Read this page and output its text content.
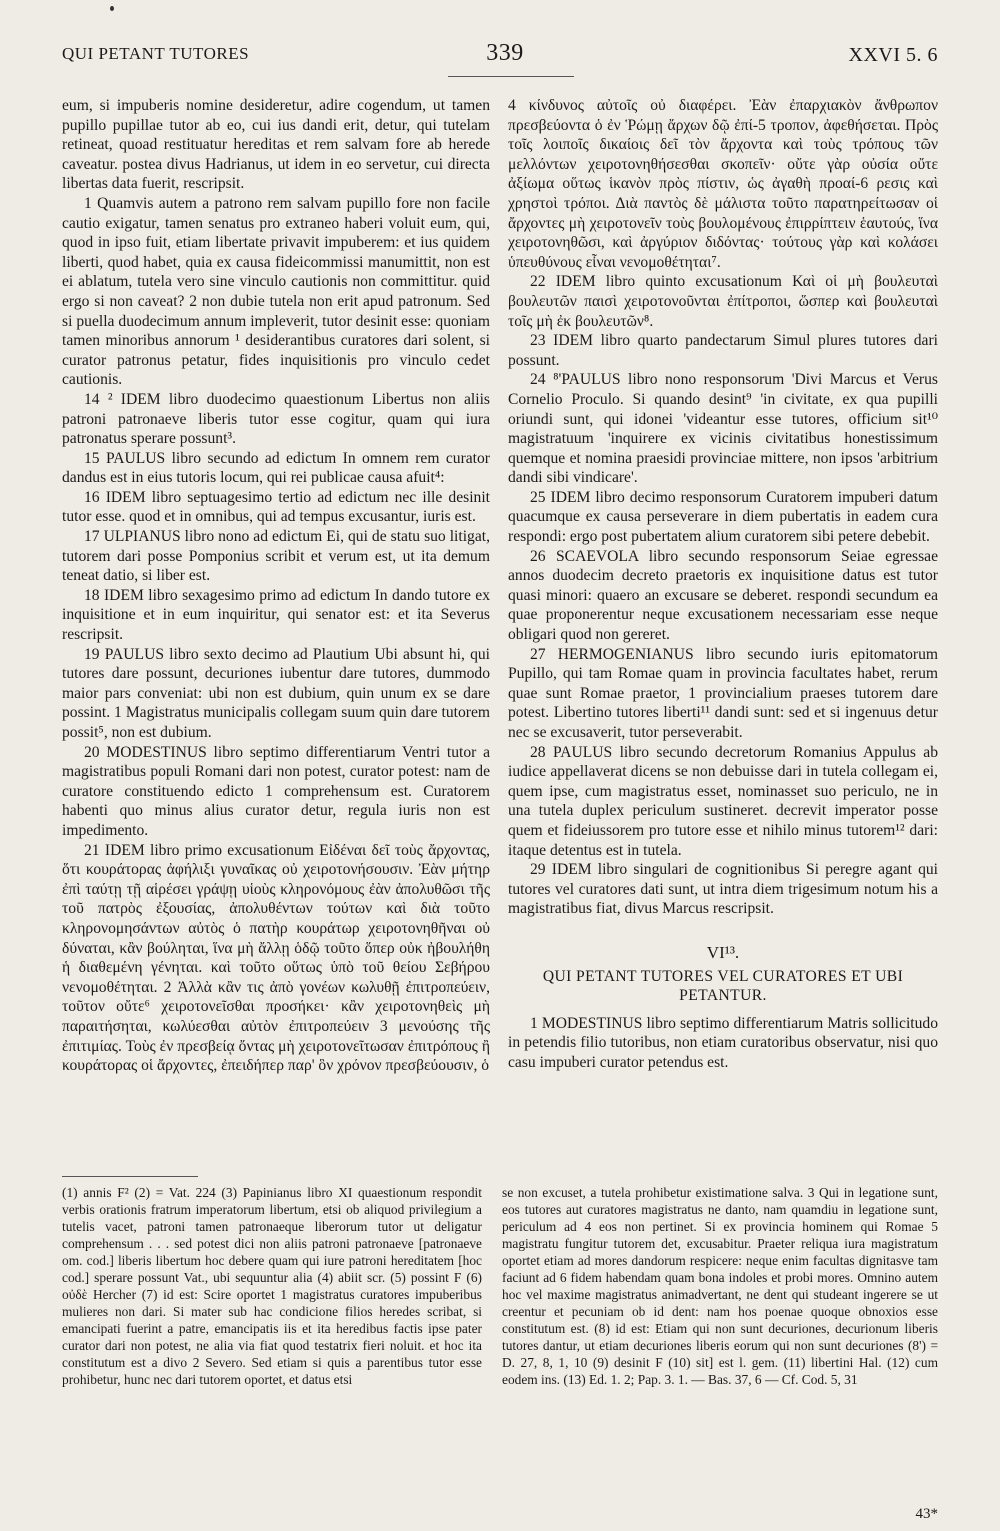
QUI PETANT TUTORES	339	XXVI 5. 6

eum, si impuberis nomine desideretur, adire cogendum, ut tamen pupillo pupillae tutor ab eo, cui ius dandi erit, detur, qui tutelam retineat, quoad restituatur hereditas et rem salvam fore ab herede caveatur. postea divus Hadrianus, ut idem in eo servetur, cui directa libertas data fuerit, rescripsit.

1 Quamvis autem a patrono rem salvam pupillo fore non facile cautio exigatur, tamen senatus pro extraneo haberi voluit eum, qui, quod in ipso fuit, etiam libertate privavit impuberem: et ius quidem liberti, quod habet, quia ex causa fideicommissi manumittit, non est ei ablatum, tutela vero sine vinculo cautionis non committitur. quid ergo si non caveat? 2 non dubie tutela non erit apud patronum. Sed si puella duodecimum annum impleverit, tutor desinit esse: quoniam tamen minoribus annorum ¹ desiderantibus curatores dari solent, si curator patronus petatur, fides inquisitionis pro vinculo cedet cautionis.

14 ² IDEM libro duodecimo quaestionum Libertus non aliis patroni patronaeve liberis tutor esse cogitur, quam qui iura patronatus sperare possunt³.

15 PAULUS libro secundo ad edictum In omnem rem curator dandus est in eius tutoris locum, qui rei publicae causa afuit⁴:

16 IDEM libro septuagesimo tertio ad edictum nec ille desinit tutor esse. quod et in omnibus, qui ad tempus excusantur, iuris est.

17 ULPIANUS libro nono ad edictum Ei, qui de statu suo litigat, tutorem dari posse Pomponius scribit et verum est, ut ita demum teneat datio, si liber est.

18 IDEM libro sexagesimo primo ad edictum In dando tutore ex inquisitione et in eum inquiritur, qui senator est: et ita Severus rescripsit.

19 PAULUS libro sexto decimo ad Plautium Ubi absunt hi, qui tutores dare possunt, decuriones iubentur dare tutores, dummodo maior pars conveniat: ubi non est dubium, quin unum ex se dare possint. 1 Magistratus municipalis collegam suum quin dare tutorem possit⁵, non est dubium.

20 MODESTINUS libro septimo differentiarum Ventri tutor a magistratibus populi Romani dari non potest, curator potest: nam de curatore constituendo edicto 1 comprehensum est. Curatorem habenti quo minus alius curator detur, regula iuris non est impedimento.

21 IDEM libro primo excusationum Εἰδέναι δεῖ τοὺς ἄρχοντας, ὅτι κουράτορας ἀφήλιξι γυναῖκας οὐ χειροτονήσουσιν. Ἐὰν μήτηρ ἐπὶ ταύτῃ τῇ αἱρέσει γράψῃ υἱοὺς κληρονόμους ἐὰν ἀπολυθῶσι τῆς τοῦ πατρὸς ἐξουσίας, ἀπολυθέντων τούτων καὶ διὰ τοῦτο κληρονομησάντων αὐτὸς ὁ πατὴρ κουράτωρ χειροτονηθῆναι οὐ δύναται, κἂν βούληται, ἵνα μὴ ἄλλῃ ὁδῷ τοῦτο ὅπερ οὐκ ἠβουλήθη ἡ διαθεμένη γένηται. καὶ τοῦτο οὕτως ὑπὸ τοῦ θείου Σεβήρου νενομοθέτηται. 2 Ἀλλὰ κἂν τις ἀπὸ γονέων κωλυθῇ ἐπιτροπεύειν, τοῦτον οὔτε⁶ χειροτονεῖσθαι προσήκει· κἂν χειροτονηθεὶς μὴ παραιτήσηται, κωλύεσθαι αὐτὸν ἐπιτροπεύειν 3 μενούσης τῆς ἐπιτιμίας. Τοὺς ἐν πρεσβείᾳ ὄντας μὴ χειροτονεῖτωσαν ἐπιτρόπους ἢ κουράτορας οἱ ἄρχοντες, ἐπειδήπερ παρ' ὃν χρόνον πρεσβεύουσιν, ὁ

4 κίνδυνος αὐτοῖς οὐ διαφέρει. Ἐὰν ἐπαρχιακὸν ἄνθρωπον πρεσβεύοντα ὁ ἐν Ῥώμῃ ἄρχων δῷ ἐπί-5 τροπον, ἀφεθήσεται. Πρὸς τοῖς λοιποῖς δικαίοις δεῖ τὸν ἄρχοντα καὶ τοὺς τρόπους τῶν μελλόντων χειροτονηθήσεσθαι σκοπεῖν· οὔτε γὰρ οὐσία οὔτε ἀξίωμα οὕτως ἱκανὸν πρὸς πίστιν, ὡς ἀγαθὴ προαί-6 ρεσις καὶ χρηστοὶ τρόποι. Διὰ παντὸς δὲ μάλιστα τοῦτο παρατηρείτωσαν οἱ ἄρχοντες μὴ χειροτονεῖν τοὺς βουλομένους ἐπιρρίπτειν ἑαυτούς, ἵνα χειροτονηθῶσι, καὶ ἀργύριον διδόντας· τούτους γὰρ καὶ κολάσει ὑπευθύνους εἶναι νενομοθέτηται⁷.

22 IDEM libro quinto excusationum Καὶ οἱ μὴ βουλευταὶ βουλευτῶν παισὶ χειροτονοῦνται ἐπίτροποι, ὥσπερ καὶ βουλευταὶ τοῖς μὴ ἐκ βουλευτῶν⁸.

23 IDEM libro quarto pandectarum Simul plures tutores dari possunt.

24 ⁸'PAULUS libro nono responsorum 'Divi Marcus et Verus Cornelio Proculo. Si quando desint⁹ 'in civitate, ex qua pupilli oriundi sunt, qui idonei 'videantur esse tutores, officium sit¹⁰ magistratuum 'inquirere ex vicinis civitatibus honestissimum quemque et nomina praesidi provinciae mittere, non ipsos 'arbitrium dandi sibi vindicare'.

25 IDEM libro decimo responsorum Curatorem impuberi datum quacumque ex causa perseverare in diem pubertatis in eadem cura respondi: ergo post pubertatem alium curatorem sibi petere debebit.

26 SCAEVOLA libro secundo responsorum Seiae egressae annos duodecim decreto praetoris ex inquisitione datus est tutor quasi minori: quaero an excusare se deberet. respondi secundum ea quae proponerentur neque excusationem necessariam esse neque obligari quod non gereret.

27 HERMOGENIANUS libro secundo iuris epitomatorum Pupillo, qui tam Romae quam in provincia facultates habet, rerum quae sunt Romae praetor, 1 provincialium praeses tutorem dare potest. Libertino tutores liberti¹¹ dandi sunt: sed et si ingenuus detur nec se excusaverit, tutor perseverabit.

28 PAULUS libro secundo decretorum Romanius Appulus ab iudice appellaverat dicens se non debuisse dari in tutela collegam ei, quem ipse, cum magistratus esset, nominasset suo periculo, ne in una tutela duplex periculum sustineret. decrevit imperator posse quem et fideiussorem pro tutore esse et nihilo minus tutorem¹² dari: itaque detentus est in tutela.

29 IDEM libro singulari de cognitionibus Si peregre agant qui tutores vel curatores dati sunt, ut intra diem trigesimum notum his a magistratibus fiat, divus Marcus rescripsit.

VI¹³.
QUI PETANT TUTORES VEL CURATORES ET UBI PETANTUR.

1 MODESTINUS libro septimo differentiarum Matris sollicitudo in petendis filio tutoribus, non etiam curatoribus observatur, nisi quo casu impuberi curator petendus est.

(1) annis F² (2) = Vat. 224 (3) Papinianus libro XI quaestionum respondit verbis orationis fratrum imperatorum libertum, etsi ob aliquod privilegium a tutelis vacet, patroni tamen patronaeque liberorum tutor ut deligatur comprehensum . . . sed potest dici non aliis patroni patronaeve [patronaeve om. cod.] liberis libertum hoc debere quam qui iure patroni hereditatem [hoc cod.] sperare possunt Vat., ubi sequuntur alia (4) abiit scr. (5) possint F (6) οὐδὲ Hercher (7) id est: Scire oportet 1 magistratus curatores impuberibus mulieres non dari. Si mater sub hac condicione filios heredes scribat, si emancipati fuerint a patre, emancipatis iis et ita heredibus factis ipse pater curator dari non potest, ne alia via fiat quod testatrix fieri noluit. et hoc ita constitutum est a divo 2 Severo. Sed etiam si quis a parentibus tutor esse prohibetur, hunc nec dari tutorem oportet, et datus etsi
se non excuset, a tutela prohibetur existimatione salva. 3 Qui in legatione sunt, eos tutores aut curatores magistratus ne danto, nam quamdiu in legatione sunt, periculum ad 4 eos non pertinet. Si ex provincia hominem qui Romae 5 magistratu fungitur tutorem det, excusabitur. Praeter reliqua iura magistratum oportet etiam ad mores dandorum respicere: neque enim facultas dignitasve tam faciunt ad 6 fidem habendam quam bona indoles et probi mores. Omnino autem hoc vel maxime magistratus animadvertant, ne dent qui studeant ingerere se ut creentur et pecuniam ob id dent: nam hos poenae quoque obnoxios esse constitutum est. (8) id est: Etiam qui non sunt decuriones, decurionum liberis tutores dantur, ut etiam decuriones liberis eorum qui non sunt decuriones (8') = D. 27, 8, 1, 10 (9) desinit F (10) sit] est l. gem. (11) libertini Hal. (12) cum eodem ins. (13) Ed. 1. 2; Pap. 3. 1. — Bas. 37, 6 — Cf. Cod. 5, 31
43*
